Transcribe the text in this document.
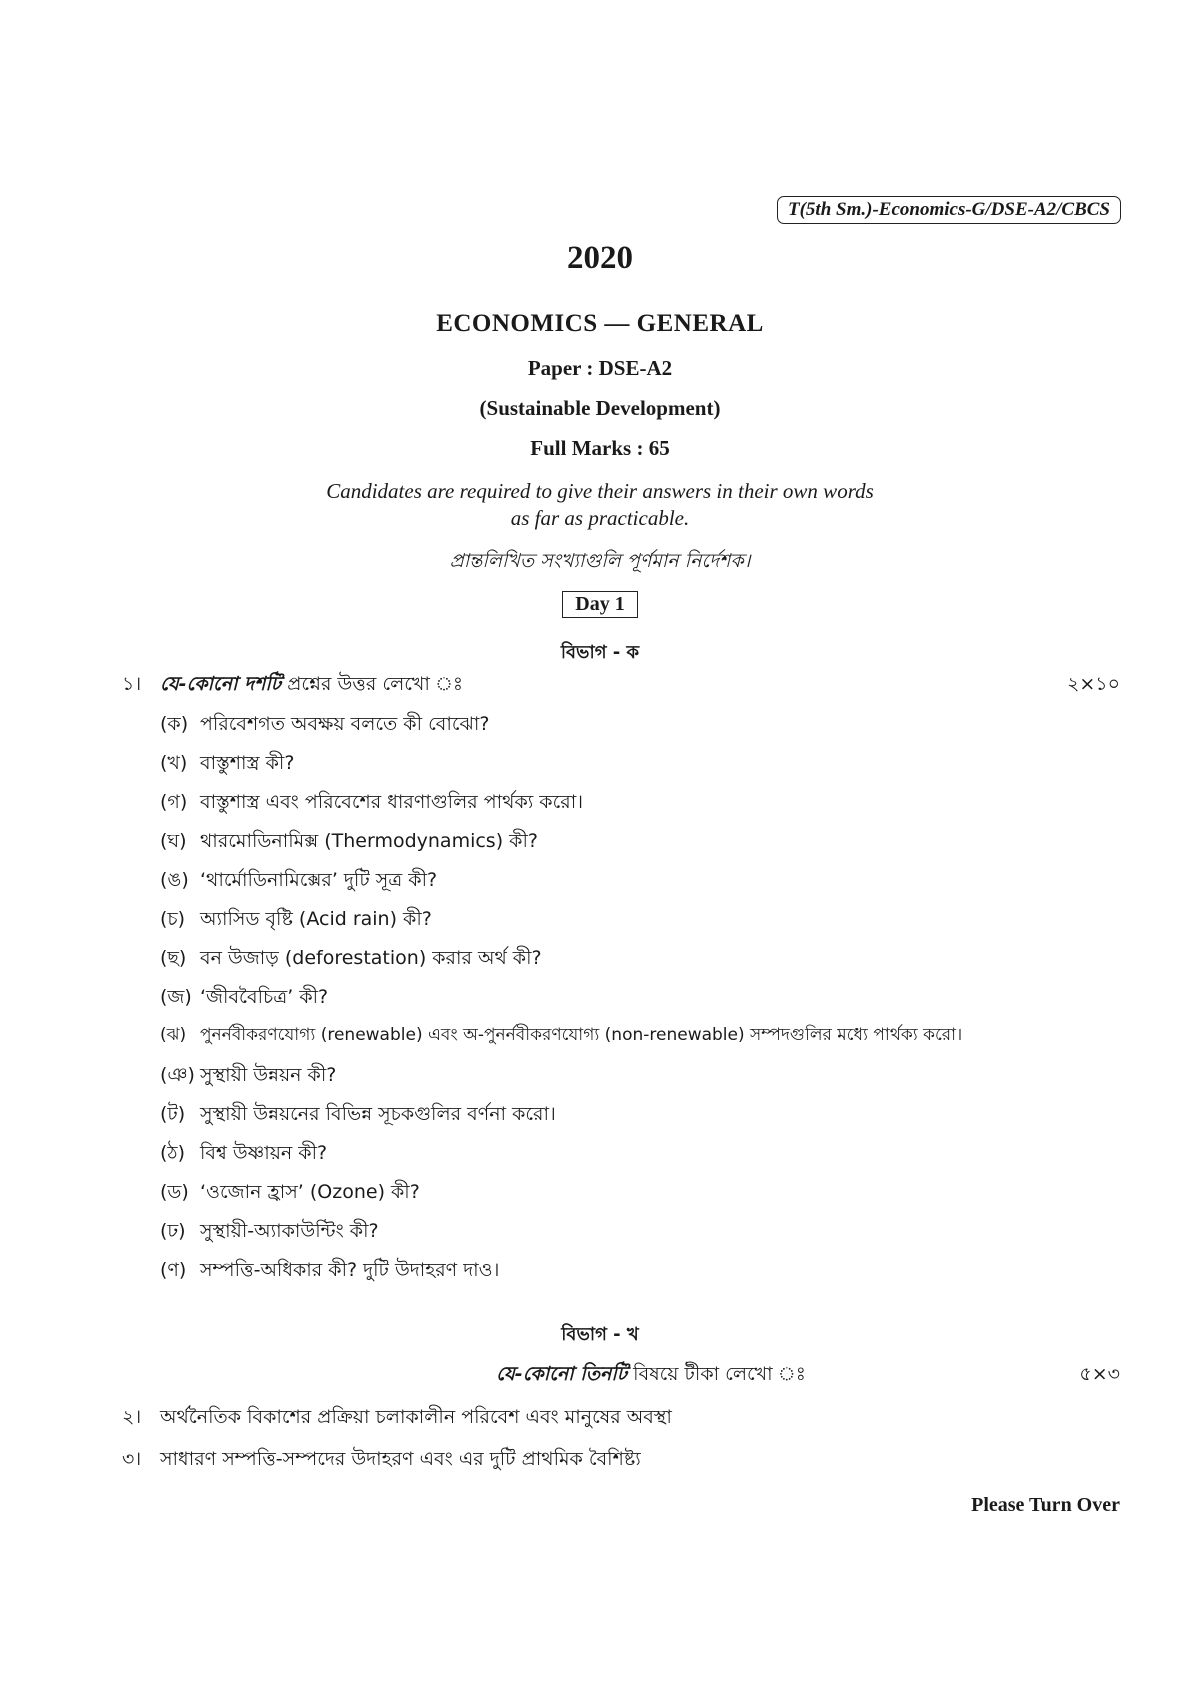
T(5th Sm.)-Economics-G/DSE-A2/CBCS
2020
ECONOMICS — GENERAL
Paper : DSE-A2
(Sustainable Development)
Full Marks : 65
Candidates are required to give their answers in their own words
as far as practicable.
প্রান্তলিখিত সংখ্যাগুলি পূর্ণমান নির্দেশক।
Day 1
বিভাগ - ক
১। যে-কোনো দশটি প্রশ্নের উত্তর লেখো ঃ	২×১০
(ক) পরিবেশগত অবক্ষয় বলতে কী বোঝো?
(খ) বাস্তুশাস্ত্র কী?
(গ) বাস্তুশাস্ত্র এবং পরিবেশের ধারণাগুলির পার্থক্য করো।
(ঘ) থারমোডিনামিক্স (Thermodynamics) কী?
(ঙ) ‘থার্মোডিনামিক্সের’ দুটি সূত্র কী?
(চ) অ্যাসিড বৃষ্টি (Acid rain) কী?
(ছ) বন উজাড় (deforestation) করার অর্থ কী?
(জ) ‘জীববৈচিত্র’ কী?
(ঝ) পুনর্নবীকরণযোগ্য (renewable) এবং অ-পুনর্নবীকরণযোগ্য (non-renewable) সম্পদগুলির মধ্যে পার্থক্য করো।
(ঞ) সুস্থায়ী উন্নয়ন কী?
(ট) সুস্থায়ী উন্নয়নের বিভিন্ন সূচকগুলির বর্ণনা করো।
(ঠ) বিশ্ব উষ্ণায়ন কী?
(ড) ‘ওজোন হ্রাস’ (Ozone) কী?
(ঢ) সুস্থায়ী-অ্যাকাউন্টিং কী?
(ণ) সম্পত্তি-অধিকার কী? দুটি উদাহরণ দাও।
বিভাগ - খ
যে-কোনো তিনটি বিষয়ে টীকা লেখো ঃ	৫×৩
২। অর্থনৈতিক বিকাশের প্রক্রিয়া চলাকালীন পরিবেশ এবং মানুষের অবস্থা
৩। সাধারণ সম্পত্তি-সম্পদের উদাহরণ এবং এর দুটি প্রাথমিক বৈশিষ্ট্য
Please Turn Over
